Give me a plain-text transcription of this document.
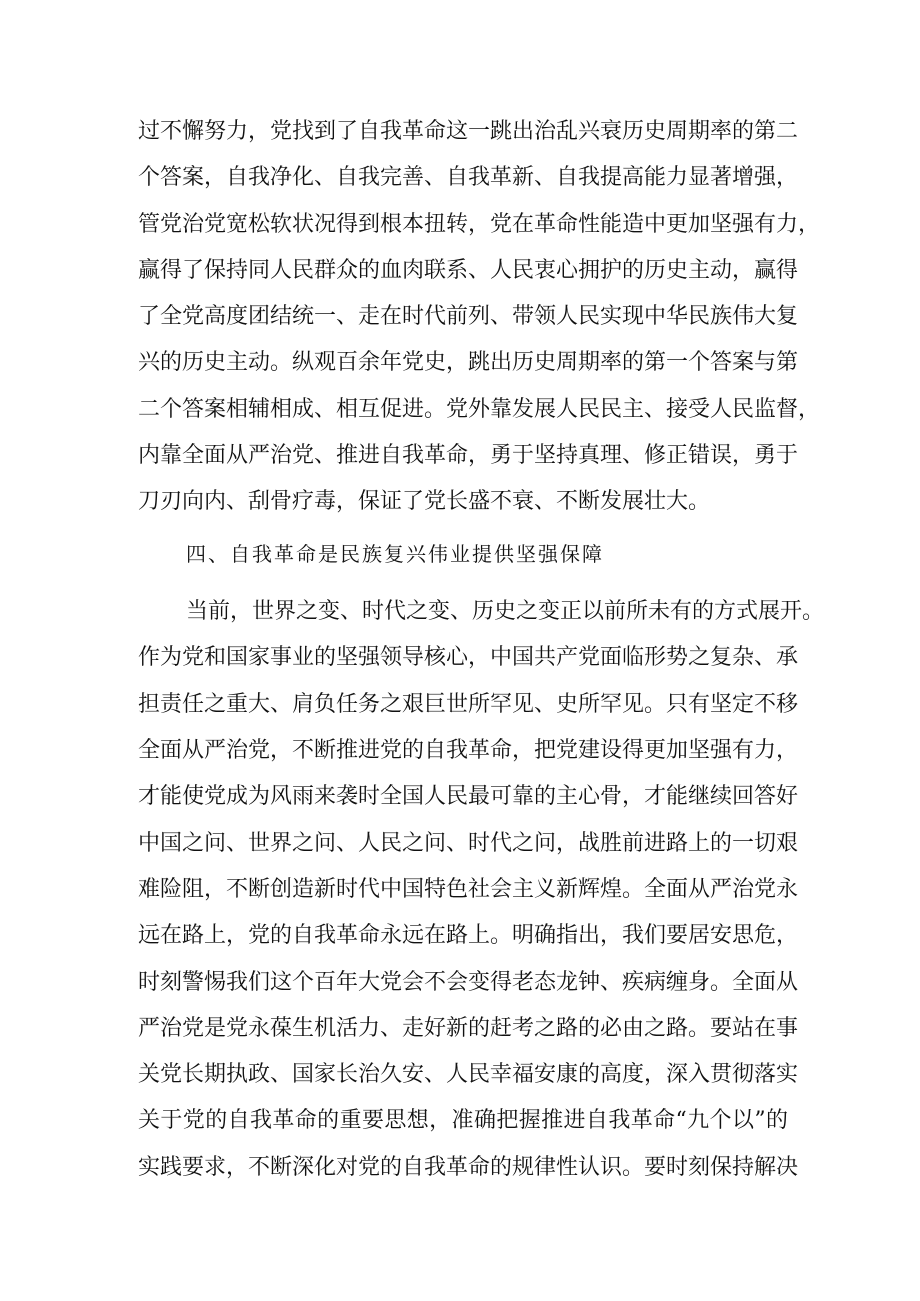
过不懈努力，党找到了自我革命这一跳出治乱兴衰历史周期率的第二
个答案，自我净化、自我完善、自我革新、自我提高能力显著增强，
管党治党宽松软状况得到根本扭转，党在革命性能造中更加坚强有力，
赢得了保持同人民群众的血肉联系、人民衷心拥护的历史主动，赢得
了全党高度团结统一、走在时代前列、带领人民实现中华民族伟大复
兴的历史主动。纵观百余年党史，跳出历史周期率的第一个答案与第
二个答案相辅相成、相互促进。党外靠发展人民民主、接受人民监督，
内靠全面从严治党、推进自我革命，勇于坚持真理、修正错误，勇于
刀刃向内、刮骨疗毒，保证了党长盛不衰、不断发展壮大。
四、自我革命是民族复兴伟业提供坚强保障
当前，世界之变、时代之变、历史之变正以前所未有的方式展开。
作为党和国家事业的坚强领导核心，中国共产党面临形势之复杂、承
担责任之重大、肩负任务之艰巨世所罕见、史所罕见。只有坚定不移
全面从严治党，不断推进党的自我革命，把党建设得更加坚强有力，
才能使党成为风雨来袭时全国人民最可靠的主心骨，才能继续回答好
中国之问、世界之问、人民之问、时代之问，战胜前进路上的一切艰
难险阻，不断创造新时代中国特色社会主义新辉煌。全面从严治党永
远在路上，党的自我革命永远在路上。明确指出，我们要居安思危，
时刻警惕我们这个百年大党会不会变得老态龙钟、疾病缠身。全面从
严治党是党永葆生机活力、走好新的赶考之路的必由之路。要站在事
关党长期执政、国家长治久安、人民幸福安康的高度，深入贯彻落实
关于党的自我革命的重要思想，准确把握推进自我革命“九个以”的
实践要求，不断深化对党的自我革命的规律性认识。要时刻保持解决
